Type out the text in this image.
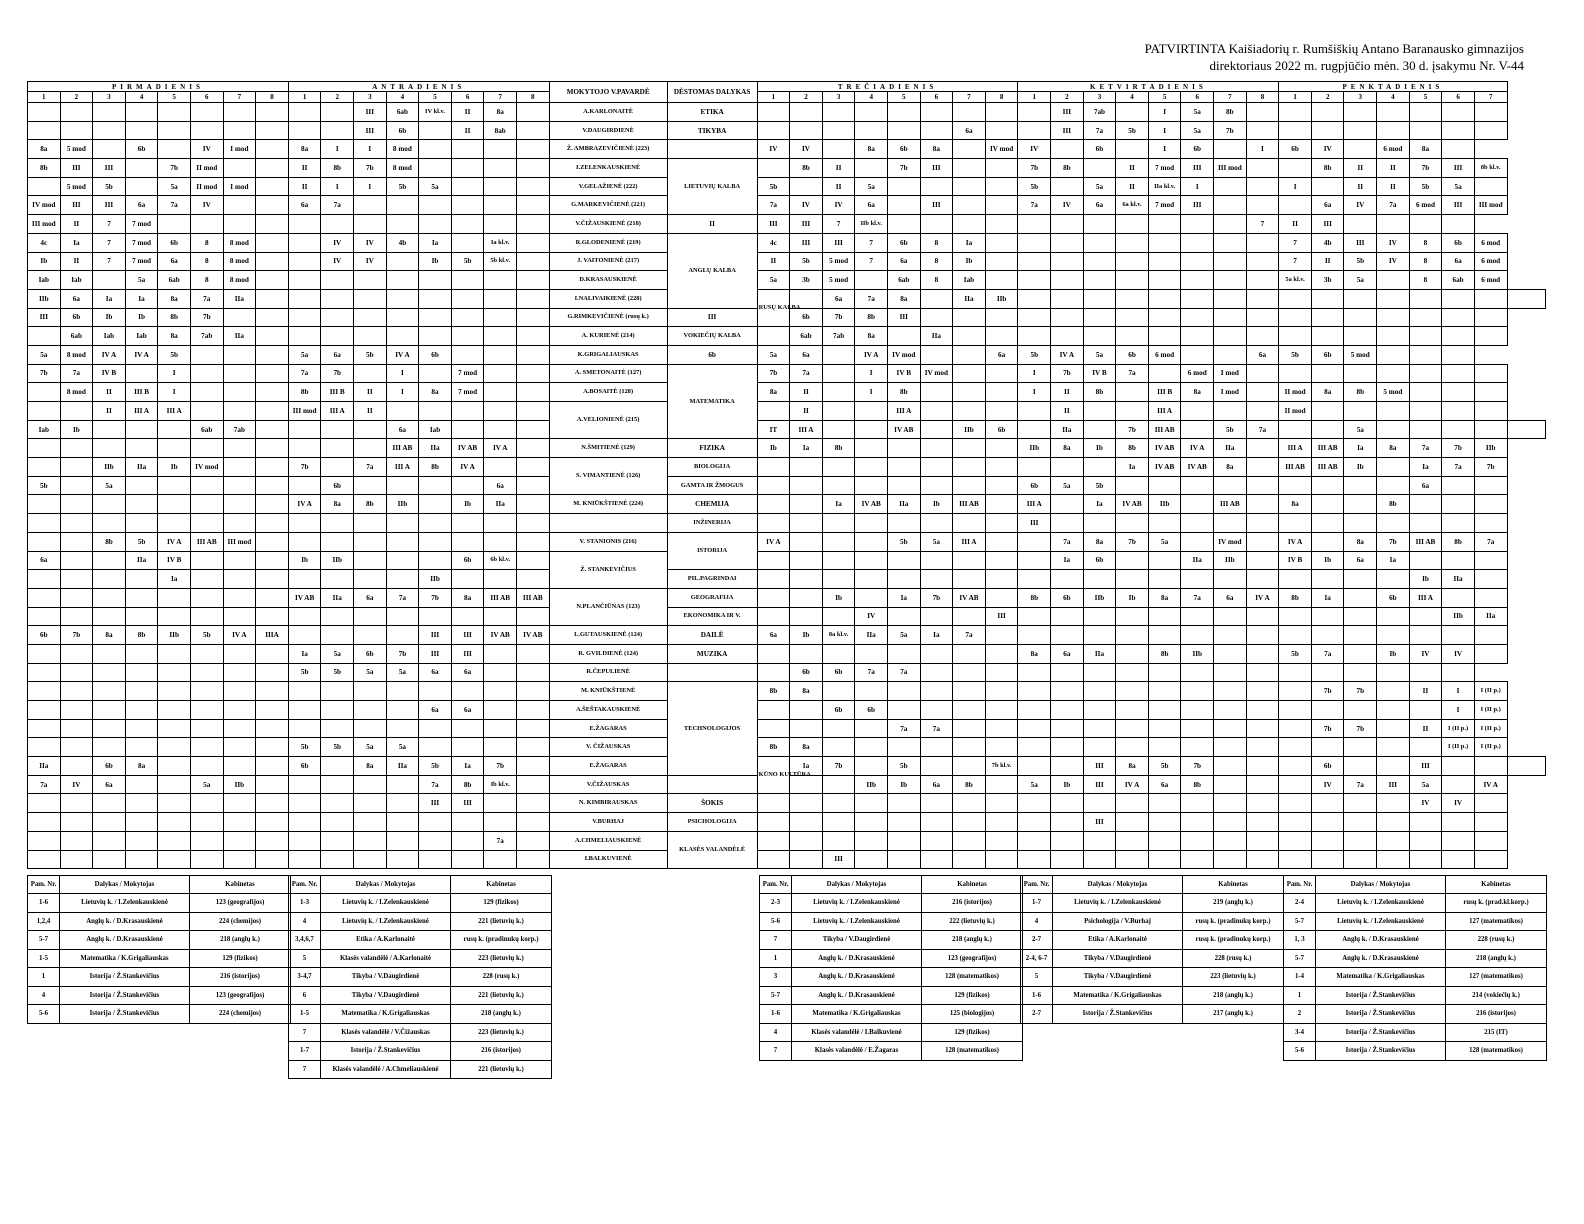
PATVIRTINTA Kaišiadorių r. Rumšiškių Antano Baranausko gimnazijos
direktoriaus 2022 m. rugpjūčio mėn. 30 d. įsakymu Nr. V-44
PIRMADIENIS								ANTRADIENIS								MOKYTOJO V.PAVARDĖ	DĖSTOMAS DALYKAS	TREČIADIENIS								KETVIRTADIENIS								PENKTADIENIS							
1	2	3	4	5	6	7	8	1	2	3	4	5	6	7	8			1	2	3	4	5	6	7	8	1	2	3	4	5	6	7	8	1	2	3	4	5	6	7	
										III	6ab	IV kl.v.	II	8a		A.KARLONAITĖ	ETIKA										III	7ab		I	5a	8b									
										III	6b		II	8ab		V.DAUGIRDIENĖ	TIKYBA							6a			III	7a	5b	I	5a	7b									
8a	5 mod		6b		IV	I mod		8a	I	I	8 mod					Ž. AMBRAZEVIČIENĖ (223)		IV	IV		8a	6b	8a		IV mod	IV		6b		I	6b		I	6b	IV		6 mod	8a			
8b	III	III		7b	II mod			II	8b	7b	8 mod					I.ZELENKAUSKIENĖ	LIETUVIŲ KALBA		8b	II		7b	III			7b	8b		II	7 mod	III	III mod			8b	II	II	7b	III	8b kl.v.	
	5 mod	5b		5a	II mod	I mod		II	I	I	5b	5a				V.GELAŽIENĖ (222)		5b		II	5a					5b		5a	II	IIa kl.v.	I			I		II	II	5b	5a		
IV mod	III	III	6a	7a	IV			6a	7a							G.MARKEVIČIENĖ (221)		7a	IV	IV	6a		III			7a	IV	6a	6a kl.v.	7 mod	III				6a	IV	7a	6 mod	III	III mod	
III mod	II	7	7 mod													V.ČIŽAUSKIENĖ (218)	II	III	III	7	IIb kl.v.												7	II	III						
4c	Ia	7	7 mod	6b	8	8 mod			IV	IV	4b	Ia		Ia kl.v.		R.GLODENIENĖ (219)	ANGLŲ KALBA	4c	III	III	7	6b	8	Ia										7	4b	III	IV	8	6b	6 mod	
Ib	II	7	7 mod	6a	8	8 mod			IV	IV		Ib	5b	5b kl.v.		J. VAITONIENĖ (217)		II	5b	5 mod	7	6a	8	Ib										7	II	5b	IV	8	6a	6 mod	
Iab	Iab		5a	6ab	8	8 mod										D.KRASAUSKIENĖ		5a	3b	5 mod		6ab	8	Iab										5a kl.v.	3b	5a		8	6ab	6 mod	
IIb	6a	Ia	Ia	8a	7a	IIa										I.NALIVAIKIENĖ (228)		RUSŲ KALBA		6a	7a	8a		IIa	IIb																
III	6b	Ib	Ib	8b	7b											G.RIMKEVIČIENĖ (rusų k.)	III		6b	7b	8b	III																			
	6ab	Iab	Iab	8a	7ab	IIa										A. KURIENĖ (214)	VOKIEČIŲ KALBA		6ab	7ab	8a		IIa																		
5a	8 mod	IV A	IV A	5b				5a	6a	5b	IV A	6b				K.GRIGALIAUSKAS	6b	5a	6a		IV A	IV mod			6a	5b	IV A	5a	6b	6 mod			6a	5b	6b	5 mod					
7b	7a	IV B		I				7a	7b		I		7 mod			A. SMETONAITĖ (127)	MATEMATIKA	7b	7a		I	IV B	IV mod			I	7b	IV B	7a		6 mod	I mod									
	8 mod	II	III B	I				8b	III B	II	I	8a	7 mod			A.BOSAITĖ (128)		8a	II		I	8b				I	II	8b		III B	8a	I mod		II mod	8a	8b	5 mod				
		II	III A	III A				III mod	III A	II						A.VELIONIENĖ (215)			II			III A					II			III A				II mod							
Iab	Ib				6ab	7ab					6a	Iab						IT	III A			IV AB		IIb	6b		IIa		7b	III AB		5b	7a			5a					
											III AB	IIa	IV AB	IV A		N.ŠMITIENĖ (129)	FIZIKA	Ib	Ia	8b						IIb	8a	Ib	8b	IV AB	IV A	IIa		III A	III AB	Ia	8a	7a	7b	IIb	
		IIb	IIa	Ib	IV mod			7b		7a	III A	8b	IV A			S. VIMANTIENĖ (126)	BIOLOGIJA												Ia	IV AB	IV AB	8a		III AB	III AB	Ib		Ia	7a	7b	
5b		5a							6b					6a			GAMTA IR ŽMOGUS									6b	5a	5b										6a			
								IV A	8a	8b	IIb		Ib	IIa		M. KNIŪKŠTIENĖ (224)	CHEMIJA			Ia	IV AB	IIa	Ib	III AB		III A		Ia	IV AB	IIb		III AB		8a			8b				
																	INŽINERIJA									III															
		8b	5b	IV A	III AB	III mod										V. STANIONIS (216)	ISTORIJA	IV A				5b	5a	III A			7a	8a	7b	5a		IV mod		IV A		8a	7b	III AB	8b	7a	
6a			IIa	IV B				Ib	IIb				6b	6b kl.v.		Ž. STANKEVIČIUS											Ia	6b			IIa	IIb		IV B	Ib	6a	Ia				
				Ia								IIb					PIL.PAGRINDAI																					Ib	IIa		
								IV AB	IIa	6a	7a	7b	8a	III AB	III AB	N.PLANČIŪNAS (123)	GEOGRAFIJA			Ib		Ia	7b	IV AB		8b	6b	IIb	Ib	8a	7a	6a	IV A	8b	Ia		6b	III A			
																	EKONOMIKA IR V.				IV				III														IIb	IIa	
6b	7b	8a	8b	IIb	5b	IV A	IIIA					III	III	IV AB	IV AB	L.GUTAUSKIENĖ (124)	DAILĖ	6a	Ib	8a kl.v.	IIa	5a	Ia	7a																	
								Ia	5a	6b	7b	III	III			R. GVILDIENĖ (124)	MUZIKA									8a	6a	IIa		8b	IIb			5b	7a		Ib	IV	IV		
								5b	5b	5a	5a	6a	6a			R.ČEPULIENĖ			6b	6b	7a	7a																			
																M. KNIŪKŠTIENĖ	TECHNOLOGIJOS	8b	8a																7b	7b		II	I	I (II p.)	
												6a	6a			A.ŠEŠTAKAUSKIENĖ				6b	6b																		I	I (II p.)	
																E.ŽAGARAS						7a	7a												7b	7b		II	I (II p.)	I (II p.)	
								5b	5b	5a	5a					V. ČIŽAUSKAS		8b	8a																				I (II p.)	I (II p.)	
IIa		6b	8a					6b		8a	IIa	5b	Ia	7b		E.ŽAGARAS		KŪNO KULTŪRA	Ia	7b		5b			7b kl.v.			III	8a	5b	7b				6b			III			
7a	IV	6a			5a	IIb						7a	8b	Ib kl.v.		V.ČIŽAUSKAS					IIb	Ib	6a	8b		5a	Ib	III	IV A	6a	8b				IV	7a	III	5a		IV A	
												III	III			N. KIMBIRAUSKAS	ŠOKIS																					IV	IV		
																V.BURHAJ	PSICHOLOGIJA											III													
														7a		A.CHMELIAUSKIENĖ	KLASĖS VALANDĖLĖ																								
																I.BALKUVIENĖ				III																					
Pam. Nr.	Dalykas / Mokytojas	Kabinetas
1-6	Lietuvių k. / I.Zelenkauskienė	123 (geografijos)
1,2,4	Anglų k. / D.Krasauskienė	224 (chemijos)
5-7	Anglų k. / D.Krasauskienė	218 (anglų k.)
1-5	Matematika / K.Grigaliauskas	129 (fizikos)
1	Istorija / Ž.Stankevičius	216 (istorijos)
4	Istorija / Ž.Stankevičius	123 (geografijos)
5-6	Istorija / Ž.Stankevičius	224 (chemijos)
Pam. Nr.	Dalykas / Mokytojas	Kabinetas
1-3	Lietuvių k. / I.Zelenkauskienė	129 (fizikos)
4	Lietuvių k. / I.Zelenkauskienė	221 (lietuvių k.)
3,4,6,7	Etika / A.Karlonaitė	rusų k. (pradinukų korp.)
5	Klasės valandėlė / A.Karlonaitė	223 (lietuvių k.)
3-4,7	Tikyba / V.Daugirdienė	228 (rusų k.)
6	Tikyba / V.Daugirdienė	221 (lietuvių k.)
1-5	Matematika / K.Grigaliauskas	218 (anglų k.)
7	Klasės valandėlė / V.Čižauskas	223 (lietuvių k.)
1-7	Istorija / Ž.Stankevičius	216 (istorijos)
7	Klasės valandėlė / A.Chmeliauskienė	221 (lietuvių k.)
Pam. Nr.	Dalykas / Mokytojas	Kabinetas
2-3	Lietuvių k. / I.Zelenkauskienė	216 (istorijos)
5-6	Lietuvių k. / I.Zelenkauskienė	222 (lietuvių k.)
7	Tikyba / V.Daugirdienė	218 (anglų k.)
1	Anglų k. / D.Krasauskienė	123 (geografijos)
3	Anglų k. / D.Krasauskienė	128 (matematikos)
5-7	Anglų k. / D.Krasauskienė	129 (fizikos)
1-6	Matematika / K.Grigaliauskas	125 (biologijos)
4	Klasės valandėlė / I.Balkuvienė	129 (fizikos)
7	Klasės valandėlė / E.Žagaras	128 (matematikos)
Pam. Nr.	Dalykas / Mokytojas	Kabinetas
1-7	Lietuvių k. / I.Zelenkauskienė	219 (anglų k.)
4	Psichologija / V.Burhaj	rusų k. (pradinukų korp.)
2-7	Etika / A.Karlonaitė	rusų k. (pradinukų korp.)
2-4, 6-7	Tikyba / V.Daugirdienė	228 (rusų k.)
5	Tikyba / V.Daugirdienė	223 (lietuvių k.)
1-6	Matematika / K.Grigaliauskas	218 (anglų k.)
2-7	Istorija / Ž.Stankevičius	217 (anglų k.)
Pam. Nr.	Dalykas / Mokytojas	Kabinetas
2-4	Lietuvių k. / I.Zelenkauskienė	rusų k. (prad.kl.korp.)
5-7	Lietuvių k. / I.Zelenkauskienė	127 (matematikos)
1, 3	Anglų k. / D.Krasauskienė	228 (rusų k.)
5-7	Anglų k. / D.Krasauskienė	218 (anglų k.)
1-4	Matematika / K.Grigaliauskas	127 (matematikos)
1	Istorija / Ž.Stankevičius	214 (vokiečių k.)
2	Istorija / Ž.Stankevičius	216 (istorijos)
3-4	Istorija / Ž.Stankevičius	215 (IT)
5-6	Istorija / Ž.Stankevičius	128 (matematikos)
